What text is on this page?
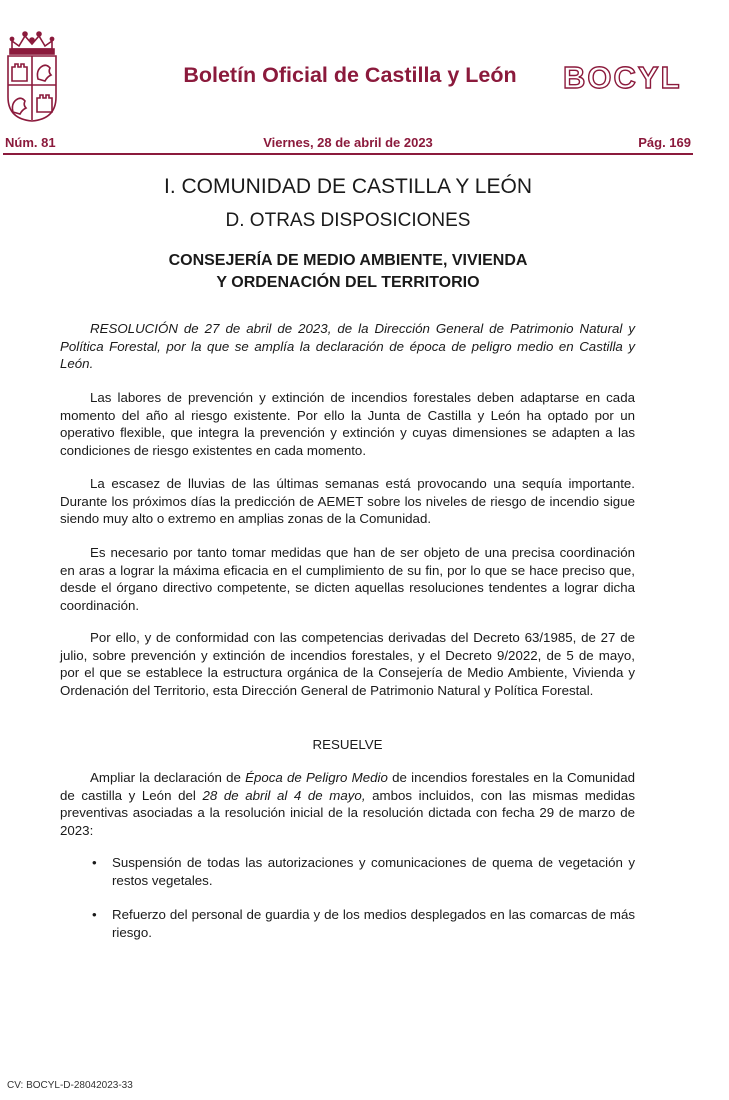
Boletín Oficial de Castilla y León	BOCYL
Núm. 81	Viernes, 28 de abril de 2023	Pág. 169
I. COMUNIDAD DE CASTILLA Y LEÓN
D. OTRAS DISPOSICIONES
CONSEJERÍA DE MEDIO AMBIENTE, VIVIENDA
Y ORDENACIÓN DEL TERRITORIO
RESOLUCIÓN de 27 de abril de 2023, de la Dirección General de Patrimonio Natural y Política Forestal, por la que se amplía la declaración de época de peligro medio en Castilla y León.
Las labores de prevención y extinción de incendios forestales deben adaptarse en cada momento del año al riesgo existente. Por ello la Junta de Castilla y León ha optado por un operativo flexible, que integra la prevención y extinción y cuyas dimensiones se adapten a las condiciones de riesgo existentes en cada momento.
La escasez de lluvias de las últimas semanas está provocando una sequía importante. Durante los próximos días la predicción de AEMET sobre los niveles de riesgo de incendio sigue siendo muy alto o extremo en amplias zonas de la Comunidad.
Es necesario por tanto tomar medidas que han de ser objeto de una precisa coordinación en aras a lograr la máxima eficacia en el cumplimiento de su fin, por lo que se hace preciso que, desde el órgano directivo competente, se dicten aquellas resoluciones tendentes a lograr dicha coordinación.
Por ello, y de conformidad con las competencias derivadas del Decreto 63/1985, de 27 de julio, sobre prevención y extinción de incendios forestales, y el Decreto 9/2022, de 5 de mayo, por el que se establece la estructura orgánica de la Consejería de Medio Ambiente, Vivienda y Ordenación del Territorio, esta Dirección General de Patrimonio Natural y Política Forestal.
RESUELVE
Ampliar la declaración de Época de Peligro Medio de incendios forestales en la Comunidad de castilla y León del 28 de abril al 4 de mayo, ambos incluidos, con las mismas medidas preventivas asociadas a la resolución inicial de la resolución dictada con fecha 29 de marzo de 2023:
• Suspensión de todas las autorizaciones y comunicaciones de quema de vegetación y restos vegetales.
• Refuerzo del personal de guardia y de los medios desplegados en las comarcas de más riesgo.
CV: BOCYL-D-28042023-33
